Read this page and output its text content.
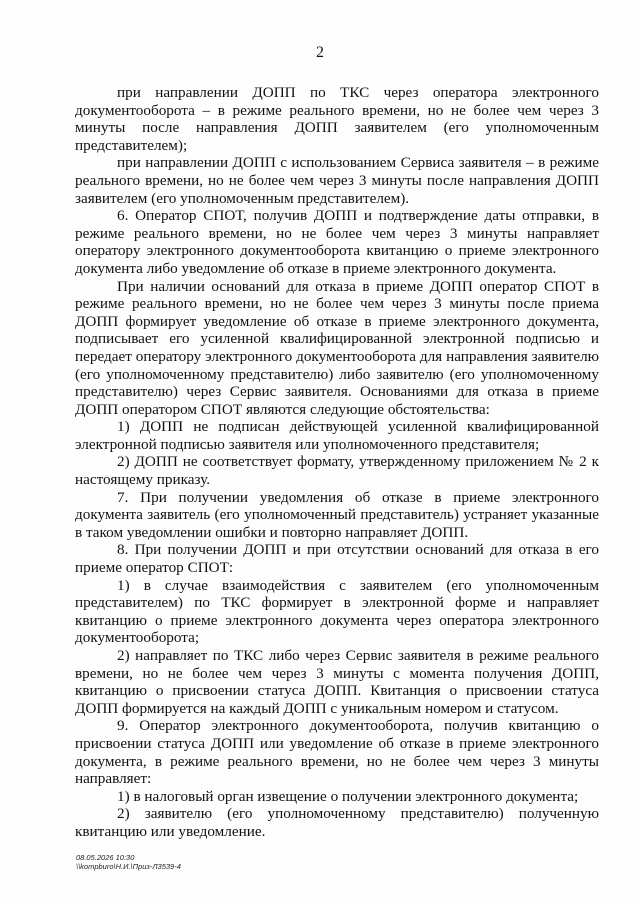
2

при направлении ДОПП по ТКС через оператора электронного документооборота – в режиме реального времени, но не более чем через 3 минуты после направления ДОПП заявителем (его уполномоченным представителем);

при направлении ДОПП с использованием Сервиса заявителя – в режиме реального времени, но не более чем через 3 минуты после направления ДОПП заявителем (его уполномоченным представителем).

6. Оператор СПОТ, получив ДОПП и подтверждение даты отправки, в режиме реального времени, но не более чем через 3 минуты направляет оператору электронного документооборота квитанцию о приеме электронного документа либо уведомление об отказе в приеме электронного документа.

При наличии оснований для отказа в приеме ДОПП оператор СПОТ в режиме реального времени, но не более чем через 3 минуты после приема ДОПП формирует уведомление об отказе в приеме электронного документа, подписывает его усиленной квалифицированной электронной подписью и передает оператору электронного документооборота для направления заявителю (его уполномоченному представителю) либо заявителю (его уполномоченному представителю) через Сервис заявителя. Основаниями для отказа в приеме ДОПП оператором СПОТ являются следующие обстоятельства:

1) ДОПП не подписан действующей усиленной квалифицированной электронной подписью заявителя или уполномоченного представителя;

2) ДОПП не соответствует формату, утвержденному приложением № 2 к настоящему приказу.

7. При получении уведомления об отказе в приеме электронного документа заявитель (его уполномоченный представитель) устраняет указанные в таком уведомлении ошибки и повторно направляет ДОПП.

8. При получении ДОПП и при отсутствии оснований для отказа в его приеме оператор СПОТ:

1) в случае взаимодействия с заявителем (его уполномоченным представителем) по ТКС формирует в электронной форме и направляет квитанцию о приеме электронного документа через оператора электронного документооборота;

2) направляет по ТКС либо через Сервис заявителя в режиме реального времени, но не более чем через 3 минуты с момента получения ДОПП, квитанцию о присвоении статуса ДОПП. Квитанция о присвоении статуса ДОПП формируется на каждый ДОПП с уникальным номером и статусом.

9. Оператор электронного документооборота, получив квитанцию о присвоении статуса ДОПП или уведомление об отказе в приеме электронного документа, в режиме реального времени, но не более чем через 3 минуты направляет:

1) в налоговый орган извещение о получении электронного документа;

2) заявителю (его уполномоченному представителю) полученную квитанцию или уведомление.

08.05.2026 10:30
\\kompburo\Н.И.\Приз-Л3539-4
